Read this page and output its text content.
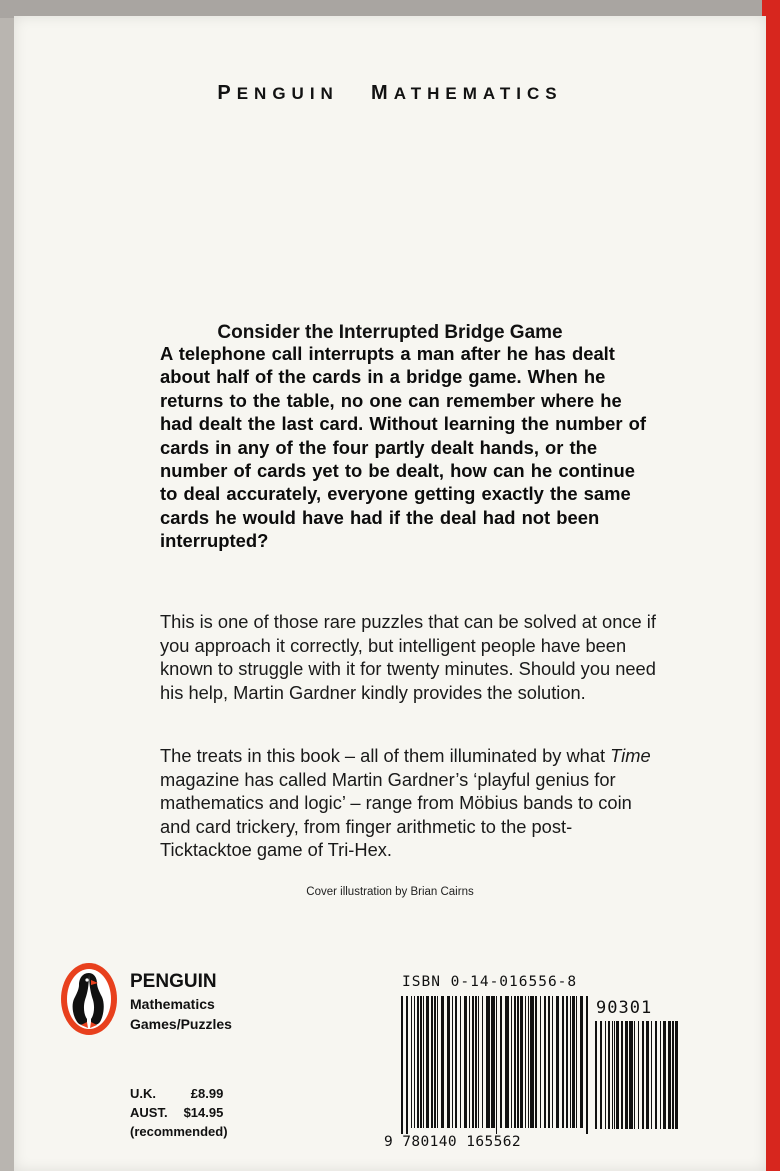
PENGUIN MATHEMATICS
Consider the Interrupted Bridge Game

A telephone call interrupts a man after he has dealt about half of the cards in a bridge game. When he returns to the table, no one can remember where he had dealt the last card. Without learning the number of cards in any of the four partly dealt hands, or the number of cards yet to be dealt, how can he continue to deal accurately, everyone getting exactly the same cards he would have had if the deal had not been interrupted?

This is one of those rare puzzles that can be solved at once if you approach it correctly, but intelligent people have been known to struggle with it for twenty minutes. Should you need his help, Martin Gardner kindly provides the solution.

The treats in this book – all of them illuminated by what Time magazine has called Martin Gardner’s ‘playful genius for mathematics and logic’ – range from Möbius bands to coin and card trickery, from finger arithmetic to the post-Ticktacktoe game of Tri-Hex.

Cover illustration by Brian Cairns
PENGUIN
Mathematics
Games/Puzzles
U.K.	£8.99
AUST.	$14.95
(recommended)
ISBN 0-14-016556-8
90301
9 780140 165562
